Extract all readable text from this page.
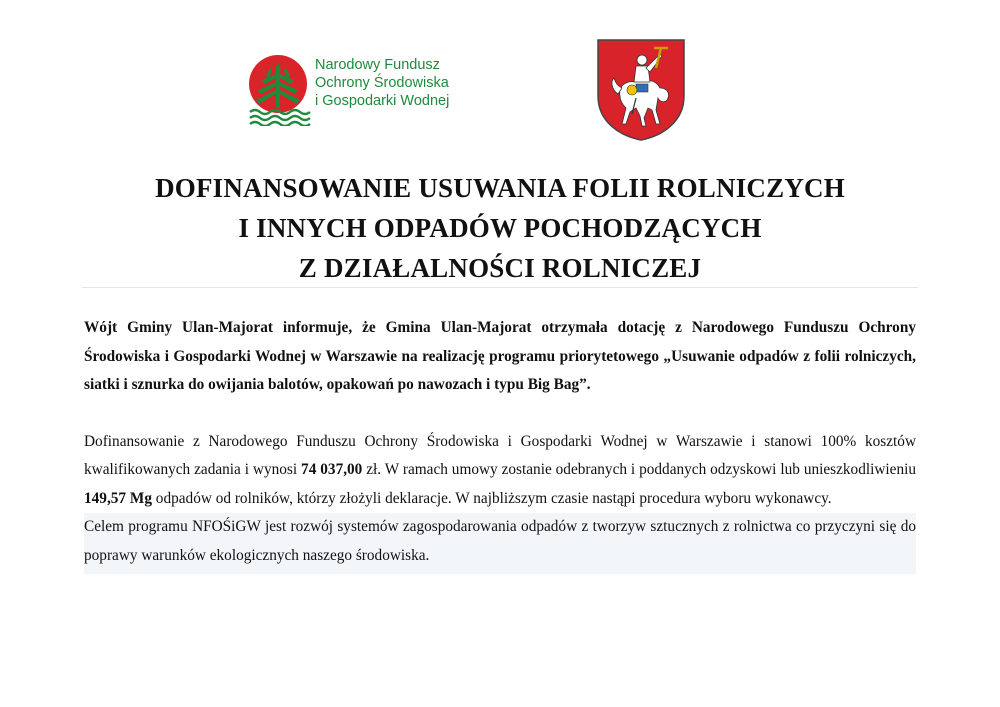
Narodowy Fundusz
Ochrony Środowiska
i Gospodarki Wodnej
DOFINANSOWANIE USUWANIA FOLII ROLNICZYCH
I INNYCH ODPADÓW POCHODZĄCYCH
Z DZIAŁALNOŚCI ROLNICZEJ

Wójt Gminy Ulan-Majorat informuje, że Gmina Ulan-Majorat otrzymała dotację z Narodowego Funduszu Ochrony Środowiska i Gospodarki Wodnej w Warszawie na realizację programu priorytetowego „Usuwanie odpadów z folii rolniczych, siatki i sznurka do owijania balotów, opakowań po nawozach i typu Big Bag”.

Dofinansowanie z Narodowego Funduszu Ochrony Środowiska i Gospodarki Wodnej w Warszawie i stanowi 100% kosztów kwalifikowanych zadania i wynosi 74 037,00 zł. W ramach umowy zostanie odebranych i poddanych odzyskowi lub unieszkodliwieniu 149,57 Mg odpadów od rolników, którzy złożyli deklaracje. W najbliższym czasie nastąpi procedura wyboru wykonawcy.

Celem programu NFOŚiGW jest rozwój systemów zagospodarowania odpadów z tworzyw sztucznych z rolnictwa co przyczyni się do poprawy warunków ekologicznych naszego środowiska.
